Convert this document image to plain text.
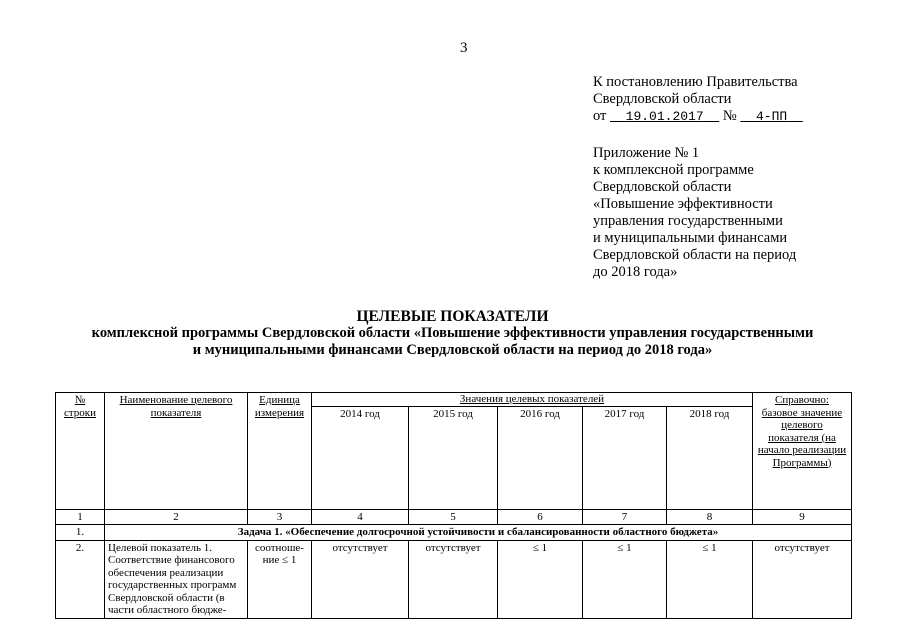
3
К постановлению Правительства
Свердловской области
от 19.01.2017 № 4-ПП
Приложение № 1
к комплексной программе
Свердловской области
«Повышение эффективности
управления государственными
и муниципальными финансами
Свердловской области на период
до 2018 года»
ЦЕЛЕВЫЕ ПОКАЗАТЕЛИ
комплексной программы Свердловской области «Повышение эффективности управления государственными
и муниципальными финансами Свердловской области на период до 2018 года»
№ строки	Наименование целевого показателя	Единица измерения	Значения целевых показателей					Справочно: базовое значение целевого показателя (на начало реализации Программы)
			2014 год	2015 год	2016 год	2017 год	2018 год	
1	2	3	4	5	6	7	8	9
1.	Задача 1. «Обеспечение долгосрочной устойчивости и сбалансированности областного бюджета»							
2.	Целевой показатель 1. Соответствие финансового обеспечения реализации государственных программ Свердловской области (в части областного бюдже-	соотноше-ние ≤ 1	отсутствует	отсутствует	≤ 1	≤ 1	≤ 1	отсутствует
